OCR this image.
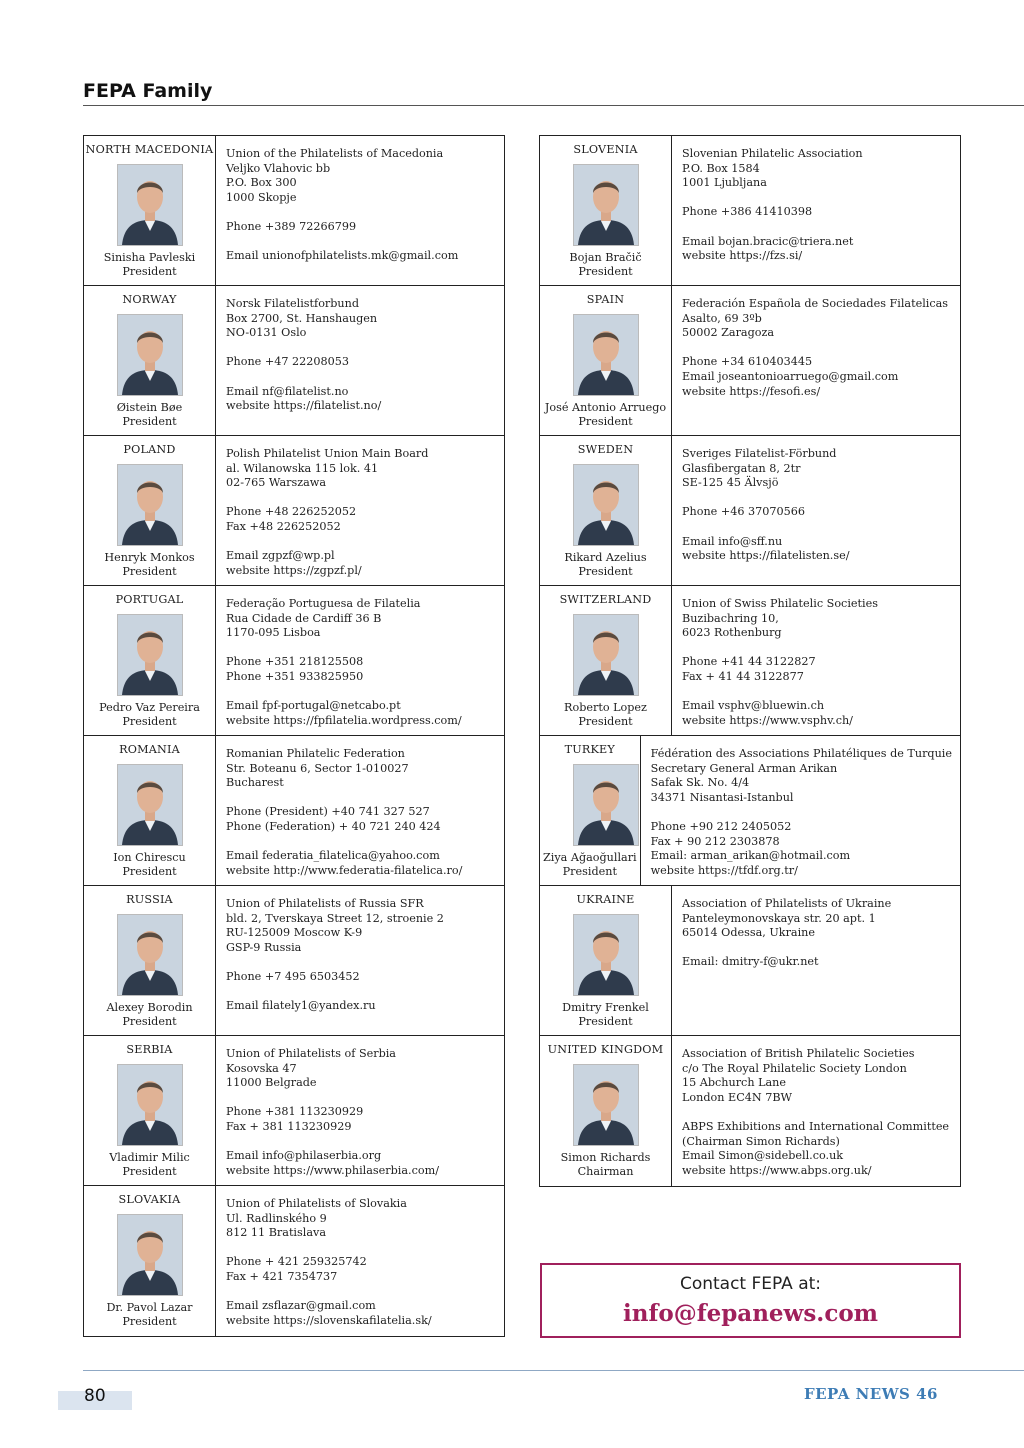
FEPA Family
NORTH MACEDONIA
Sinisha Pavleski
President
Union of the Philatelists of Macedonia
Veljko Vlahovic bb
P.O. Box 300
1000 Skopje
Phone +389 72266799
Email unionofphilatelists.mk@gmail.com
NORWAY
Øistein Bøe
President
Norsk Filatelistforbund
Box 2700, St. Hanshaugen
NO-0131 Oslo
Phone +47 22208053
Email nf@filatelist.no
website https://filatelist.no/
POLAND
Henryk Monkos
President
Polish Philatelist Union Main Board
al. Wilanowska 115 lok. 41
02-765 Warszawa
Phone +48 226252052
Fax +48 226252052
Email zgpzf@wp.pl
website https://zgpzf.pl/
PORTUGAL
Pedro Vaz Pereira
President
Federação Portuguesa de Filatelia
Rua Cidade de Cardiff 36 B
1170-095 Lisboa
Phone +351 218125508
Phone +351 933825950
Email fpf-portugal@netcabo.pt
website https://fpfilatelia.wordpress.com/
ROMANIA
Ion Chirescu
President
Romanian Philatelic Federation
Str. Boteanu 6, Sector 1-010027
Bucharest
Phone (President) +40 741 327 527
Phone (Federation) + 40 721 240 424
Email federatia_filatelica@yahoo.com
website http://www.federatia-filatelica.ro/
RUSSIA
Alexey Borodin
President
Union of Philatelists of Russia SFR
bld. 2, Tverskaya Street 12, stroenie 2
RU-125009 Moscow K-9
GSP-9 Russia
Phone +7 495 6503452
Email filately1@yandex.ru
SERBIA
Vladimir Milic
President
Union of Philatelists of Serbia
Kosovska 47
11000 Belgrade
Phone +381 113230929
Fax + 381 113230929
Email info@philaserbia.org
website https://www.philaserbia.com/
SLOVAKIA
Dr. Pavol Lazar
President
Union of Philatelists of Slovakia
Ul. Radlinského 9
812 11 Bratislava
Phone + 421 259325742
Fax + 421 7354737
Email zsflazar@gmail.com
website https://slovenskafilatelia.sk/
SLOVENIA
Bojan Bračič
President
Slovenian Philatelic Association
P.O. Box 1584
1001 Ljubljana
Phone +386 41410398
Email bojan.bracic@triera.net
website https://fzs.si/
SPAIN
José Antonio Arruego
President
Federación Española de Sociedades Filatelicas
Asalto, 69 3ºb
50002 Zaragoza
Phone +34 610403445
Email joseantonioarruego@gmail.com
website https://fesofi.es/
SWEDEN
Rikard Azelius
President
Sveriges Filatelist-Förbund
Glasfibergatan 8, 2tr
SE-125 45 Älvsjö
Phone +46 37070566
Email info@sff.nu
website https://filatelisten.se/
SWITZERLAND
Roberto Lopez
President
Union of Swiss Philatelic Societies
Buzibachring 10,
6023 Rothenburg
Phone +41 44 3122827
Fax + 41 44 3122877
Email vsphv@bluewin.ch
website https://www.vsphv.ch/
TURKEY
Ziya Ağaoğullari
President
Fédération des Associations Philatéliques de Turquie
Secretary General Arman Arikan
Safak Sk. No. 4/4
34371 Nisantasi-Istanbul
Phone +90 212 2405052
Fax + 90 212 2303878
Email: arman_arikan@hotmail.com
website https://tfdf.org.tr/
UKRAINE
Dmitry Frenkel
President
Association of Philatelists of Ukraine
Panteleymonovskaya str. 20 apt. 1
65014 Odessa, Ukraine
Email: dmitry-f@ukr.net
UNITED KINGDOM
Simon Richards
Chairman
Association of British Philatelic Societies
c/o The Royal Philatelic Society London
15 Abchurch Lane
London EC4N 7BW
ABPS Exhibitions and International Committee
(Chairman Simon Richards)
Email Simon@sidebell.co.uk
website https://www.abps.org.uk/
Contact FEPA at:
info@fepanews.com
80	FEPA NEWS 46
